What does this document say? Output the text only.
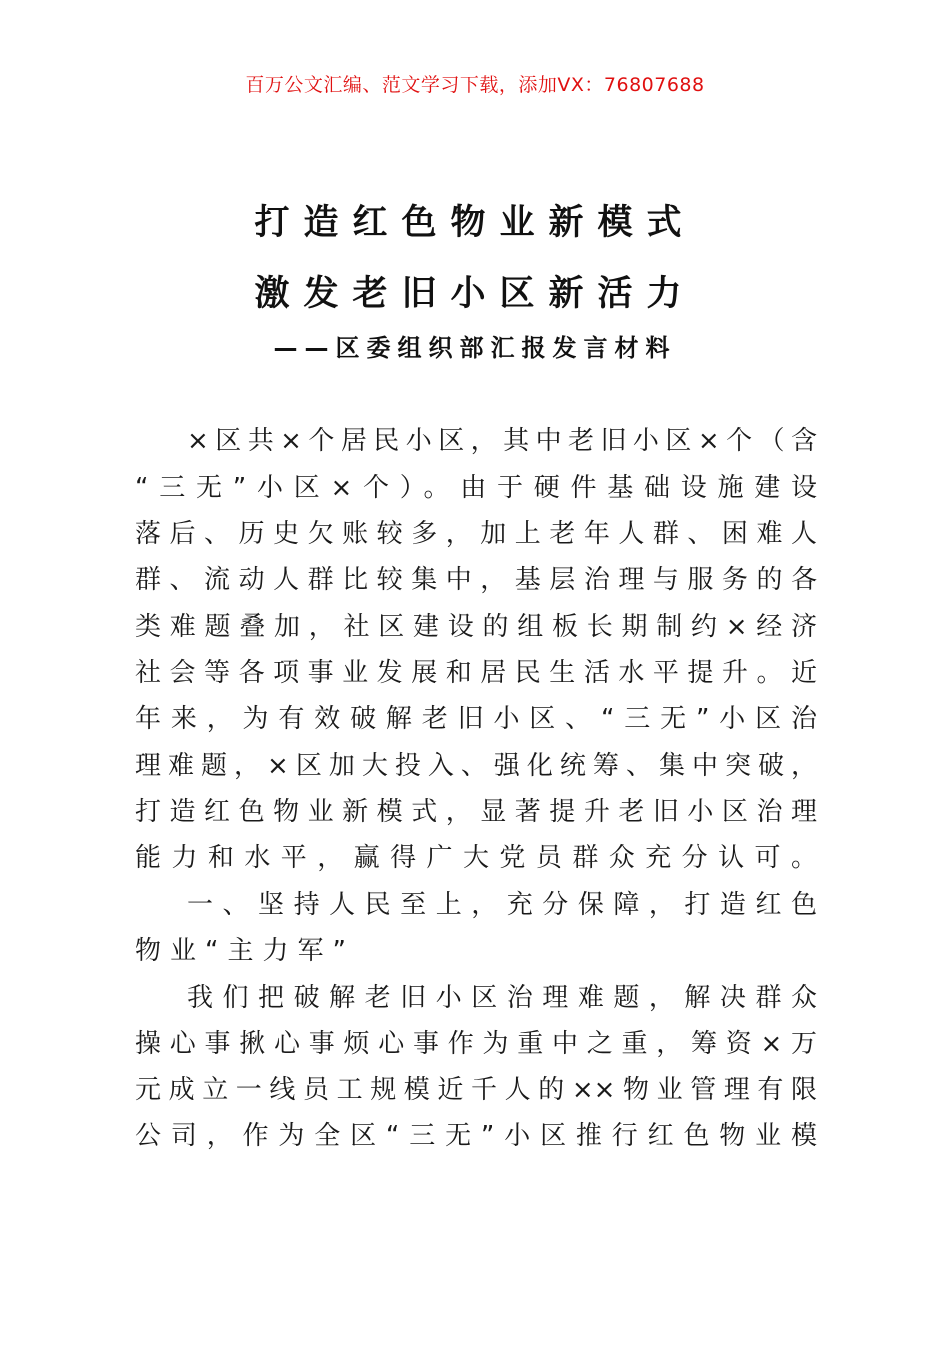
百万公文汇编、范文学习下载，添加VX：76807688
打造红色物业新模式
激发老旧小区新活力
——区委组织部汇报发言材料
×区共×个居民小区，其中老旧小区×个（含
“三无”小区×个）。由于硬件基础设施建设
落后、历史欠账较多，加上老年人群、困难人
群、流动人群比较集中，基层治理与服务的各
类难题叠加，社区建设的组板长期制约×经济
社会等各项事业发展和居民生活水平提升。近
年来，为有效破解老旧小区、“三无”小区治
理难题，×区加大投入、强化统筹、集中突破，
打造红色物业新模式，显著提升老旧小区治理
能力和水平，赢得广大党员群众充分认可。
一、坚持人民至上，充分保障，打造红色
物业“主力军”
我们把破解老旧小区治理难题，解决群众
操心事揪心事烦心事作为重中之重，筹资×万
元成立一线员工规模近千人的××物业管理有限
公司，作为全区“三无”小区推行红色物业模
